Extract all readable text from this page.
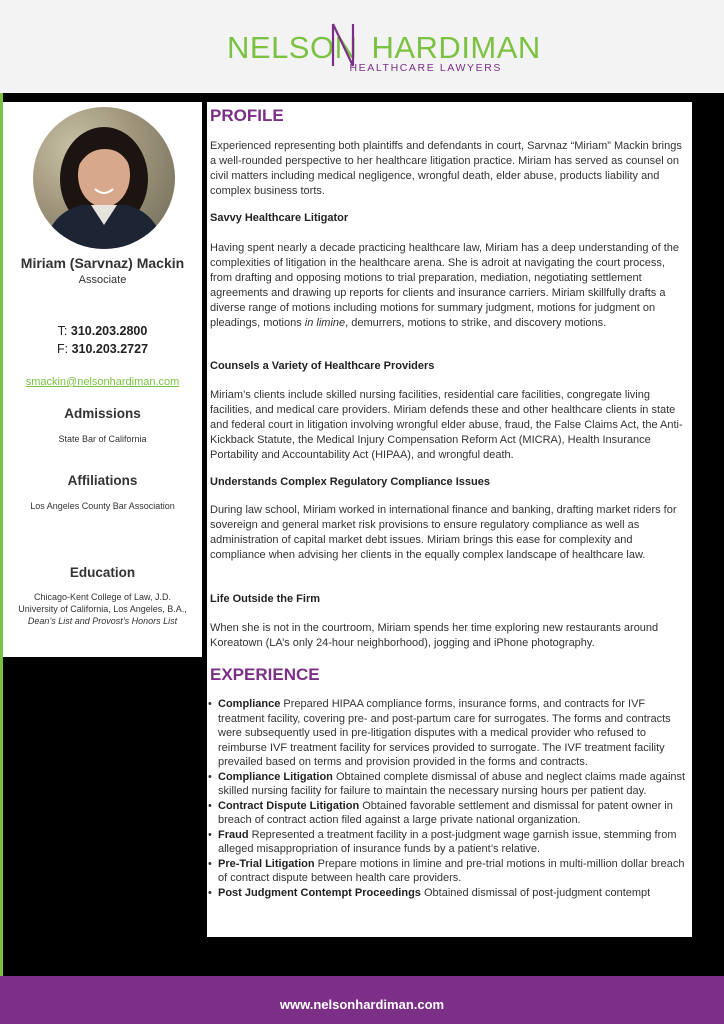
NELSON HARDIMAN
HEALTHCARE LAWYERS
Miriam (Sarvnaz) Mackin
Associate
T: 310.203.2800
F: 310.203.2727
smackin@nelsonhardiman.com
Admissions
State Bar of California
Affiliations
Los Angeles County Bar Association
Education
Chicago-Kent College of Law, J.D.
University of California, Los Angeles, B.A.,
Dean’s List and Provost’s Honors List
PROFILE

Experienced representing both plaintiffs and defendants in court, Sarvnaz “Miriam” Mackin brings a well-rounded perspective to her healthcare litigation practice. Miriam has served as counsel on civil matters including medical negligence, wrongful death, elder abuse, products liability and complex business torts.

Savvy Healthcare Litigator

Having spent nearly a decade practicing healthcare law, Miriam has a deep understanding of the complexities of litigation in the healthcare arena. She is adroit at navigating the court process, from drafting and opposing motions to trial preparation, mediation, negotiating settlement agreements and drawing up reports for clients and insurance carriers. Miriam skillfully drafts a diverse range of motions including motions for summary judgment, motions for judgment on pleadings, motions in limine, demurrers, motions to strike, and discovery motions.

Counsels a Variety of Healthcare Providers

Miriam’s clients include skilled nursing facilities, residential care facilities, congregate living facilities, and medical care providers. Miriam defends these and other healthcare clients in state and federal court in litigation involving wrongful elder abuse, fraud, the False Claims Act, the Anti-Kickback Statute, the Medical Injury Compensation Reform Act (MICRA), Health Insurance Portability and Accountability Act (HIPAA), and wrongful death.

Understands Complex Regulatory Compliance Issues

During law school, Miriam worked in international finance and banking, drafting market riders for sovereign and general market risk provisions to ensure regulatory compliance as well as administration of capital market debt issues. Miriam brings this ease for complexity and compliance when advising her clients in the equally complex landscape of healthcare law.

Life Outside the Firm

When she is not in the courtroom, Miriam spends her time exploring new restaurants around Koreatown (LA’s only 24-hour neighborhood), jogging and iPhone photography.

EXPERIENCE
• Compliance Prepared HIPAA compliance forms, insurance forms, and contracts for IVF treatment facility, covering pre- and post-partum care for surrogates. The forms and contracts were subsequently used in pre-litigation disputes with a medical provider who refused to reimburse IVF treatment facility for services provided to surrogate. The IVF treatment facility prevailed based on terms and provision provided in the forms and contracts.
• Compliance Litigation Obtained complete dismissal of abuse and neglect claims made against skilled nursing facility for failure to maintain the necessary nursing hours per patient day.
• Contract Dispute Litigation Obtained favorable settlement and dismissal for patent owner in breach of contract action filed against a large private national organization.
• Fraud Represented a treatment facility in a post-judgment wage garnish issue, stemming from alleged misappropriation of insurance funds by a patient’s relative.
• Pre-Trial Litigation Prepare motions in limine and pre-trial motions in multi-million dollar breach of contract dispute between health care providers.
• Post Judgment Contempt Proceedings Obtained dismissal of post-judgment contempt
www.nelsonhardiman.com
